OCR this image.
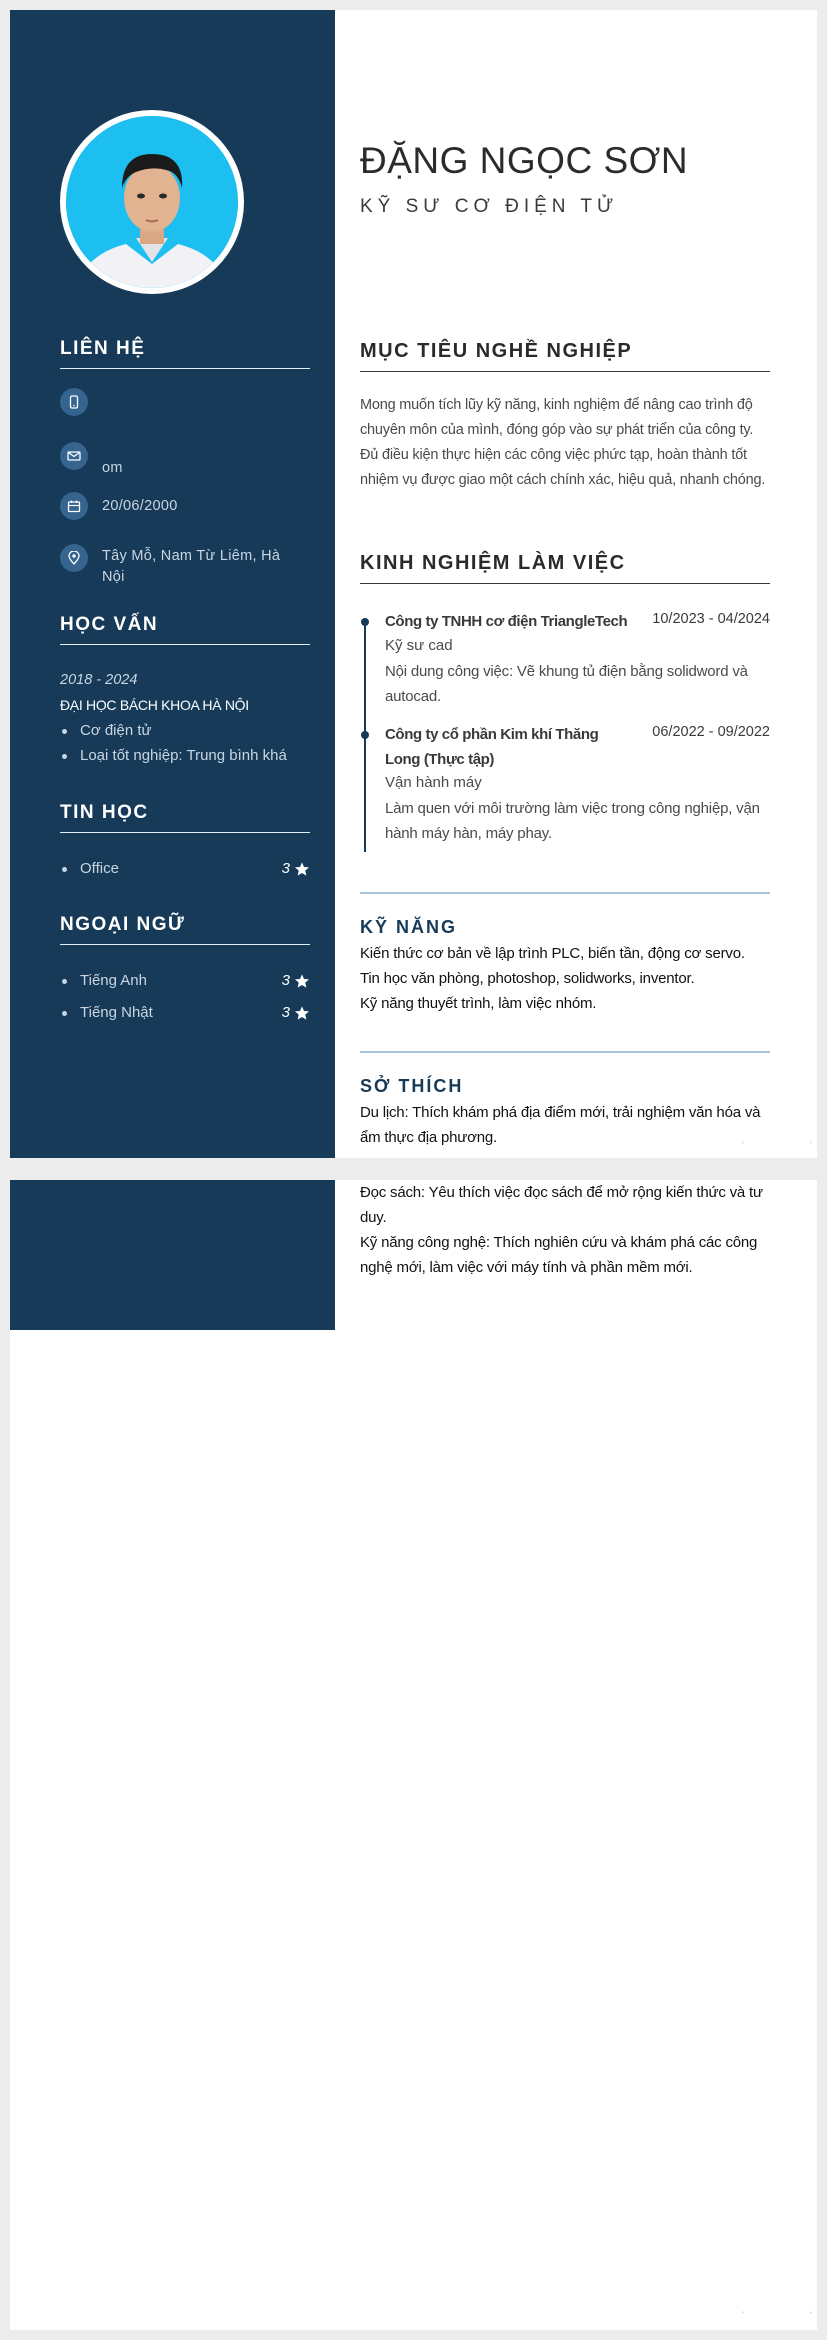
LIÊN HỆ
om
20/06/2000
Tây Mỗ, Nam Từ Liêm, Hà Nội
HỌC VẤN
2018 - 2024
ĐẠI HỌC BÁCH KHOA HÀ NỘI
Cơ điện tử
Loại tốt nghiệp: Trung bình khá
TIN HỌC
Office	3
NGOẠI NGỮ
Tiếng Anh	3
Tiếng Nhật	3
ĐẶNG NGỌC SƠN
KỸ SƯ CƠ ĐIỆN TỬ
MỤC TIÊU NGHỀ NGHIỆP
Mong muốn tích lũy kỹ năng, kinh nghiệm để nâng cao trình độ chuyên môn của mình, đóng góp vào sự phát triển của công ty. Đủ điều kiện thực hiện các công việc phức tạp, hoàn thành tốt nhiệm vụ được giao một cách chính xác, hiệu quả, nhanh chóng.
KINH NGHIỆM LÀM VIỆC
Công ty TNHH cơ điện TriangleTech	10/2023 - 04/2024
Kỹ sư cad
Nội dung công việc: Vẽ khung tủ điện bằng solidword và autocad.
Công ty cổ phần Kim khí Thăng Long (Thực tập)
06/2022 - 09/2022
Vận hành máy
Làm quen với môi trường làm việc trong công nghiệp, vận hành máy hàn, máy phay.
KỸ NĂNG
Kiến thức cơ bản về lập trình PLC, biến tần, động cơ servo.
Tin học văn phòng, photoshop, solidworks, inventor.
Kỹ năng thuyết trình, làm việc nhóm.
SỞ THÍCH
Du lịch: Thích khám phá địa điểm mới, trải nghiệm văn hóa và ẩm thực địa phương.	'	'
Đọc sách: Yêu thích việc đọc sách để mở rộng kiến thức và tư duy.
Kỹ năng công nghệ: Thích nghiên cứu và khám phá các công nghệ mới, làm việc với máy tính và phần mềm mới.
'	'
